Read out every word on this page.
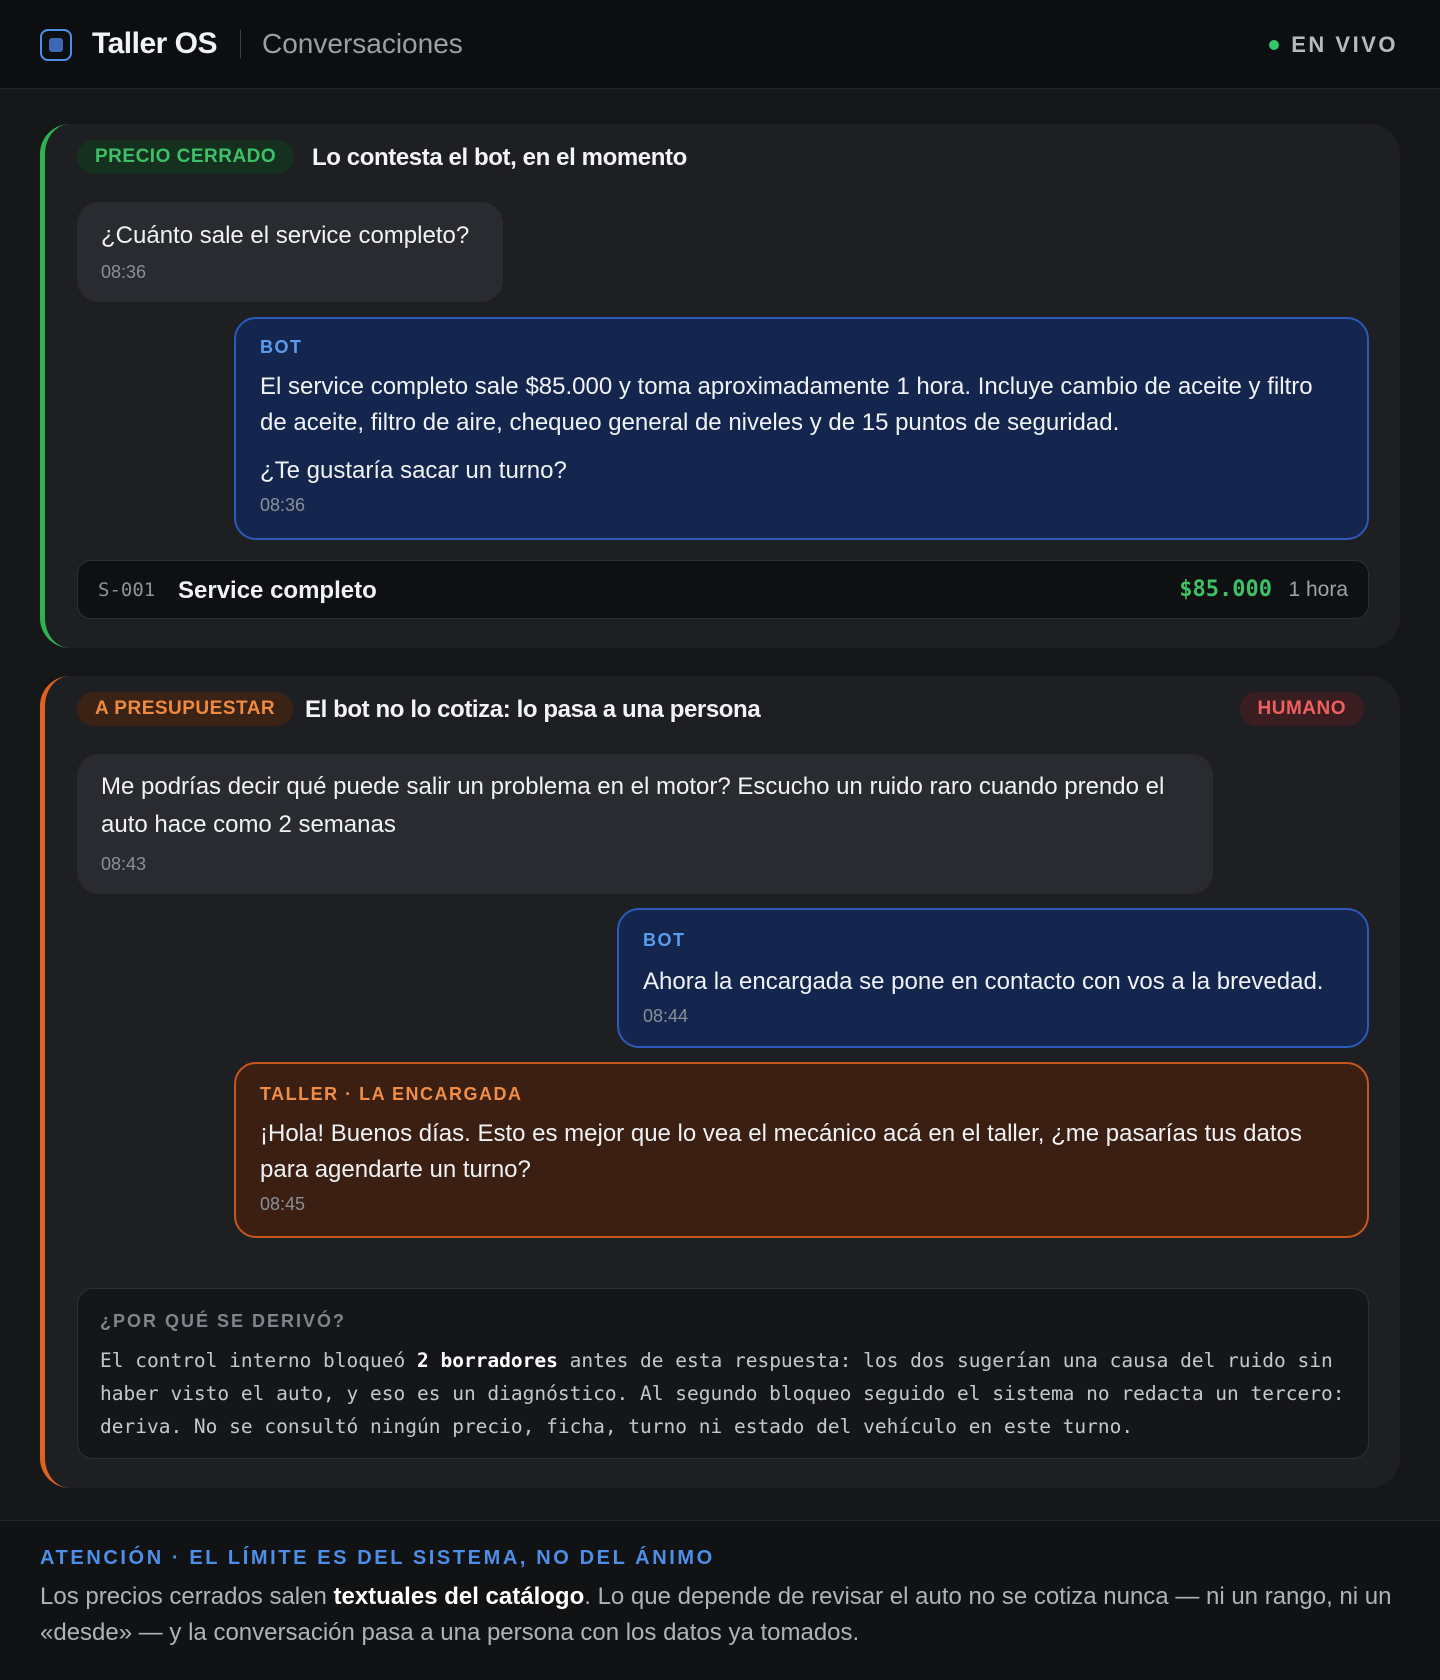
Taller OS Conversaciones	EN VIVO
PRECIO CERRADO	Lo contesta el bot, en el momento
¿Cuánto sale el service completo?
08:36
BOT
El service completo sale $85.000 y toma aproximadamente 1 hora. Incluye cambio de aceite y filtro de aceite, filtro de aire, chequeo general de niveles y de 15 puntos de seguridad.
¿Te gustaría sacar un turno?
08:36
S-001 Service completo	$85.000 1 hora
A PRESUPUESTAR	El bot no lo cotiza: lo pasa a una persona	HUMANO
Me podrías decir qué puede salir un problema en el motor? Escucho un ruido raro cuando prendo el auto hace como 2 semanas
08:43
BOT
Ahora la encargada se pone en contacto con vos a la brevedad.
08:44
TALLER · LA ENCARGADA
¡Hola! Buenos días. Esto es mejor que lo vea el mecánico acá en el taller, ¿me pasarías tus datos para agendarte un turno?
08:45
¿POR QUÉ SE DERIVÓ?
El control interno bloqueó 2 borradores antes de esta respuesta: los dos sugerían una causa del ruido sin haber visto el auto, y eso es un diagnóstico. Al segundo bloqueo seguido el sistema no redacta un tercero: deriva. No se consultó ningún precio, ficha, turno ni estado del vehículo en este turno.
ATENCIÓN · EL LÍMITE ES DEL SISTEMA, NO DEL ÁNIMO
Los precios cerrados salen textuales del catálogo. Lo que depende de revisar el auto no se cotiza nunca — ni un rango, ni un «desde» — y la conversación pasa a una persona con los datos ya tomados.
